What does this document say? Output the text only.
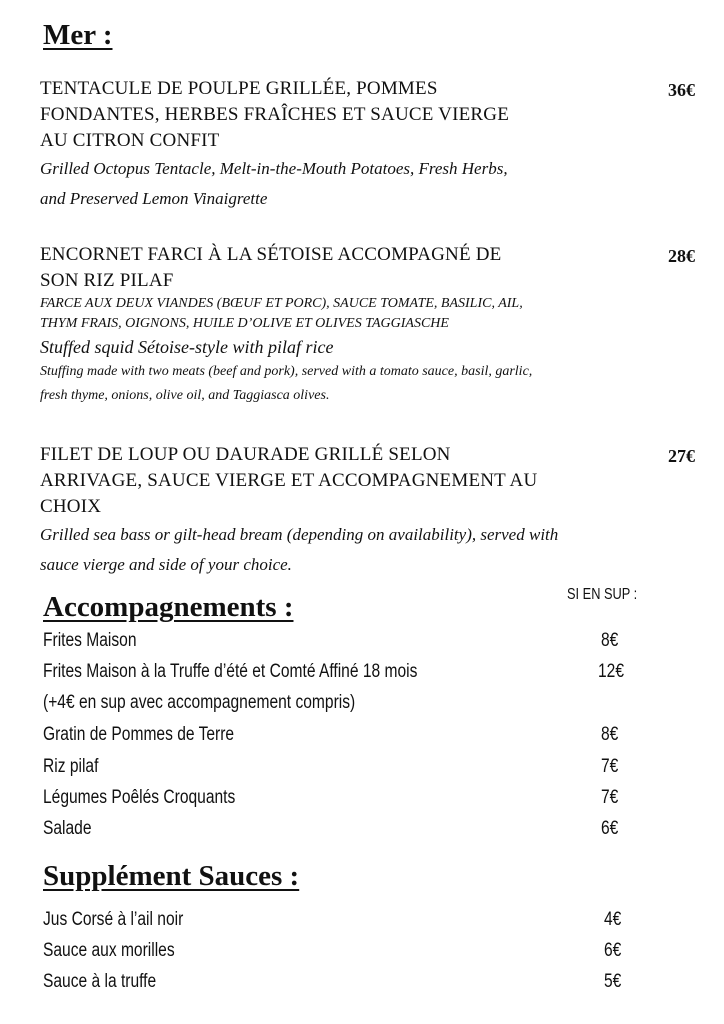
Mer :
TENTACULE DE POULPE GRILLÉE, POMMES
FONDANTES, HERBES FRAÎCHES ET SAUCE VIERGE
AU CITRON CONFIT
Grilled Octopus Tentacle, Melt-in-the-Mouth Potatoes, Fresh Herbs,
and Preserved Lemon Vinaigrette
36€
ENCORNET FARCI À LA SÉTOISE ACCOMPAGNÉ DE
SON RIZ PILAF
FARCE AUX DEUX VIANDES (BŒUF ET PORC), SAUCE TOMATE, BASILIC, AIL,
THYM FRAIS, OIGNONS, HUILE D’OLIVE ET OLIVES TAGGIASCHE
Stuffed squid Sétoise-style with pilaf rice
Stuffing made with two meats (beef and pork), served with a tomato sauce, basil, garlic,
fresh thyme, onions, olive oil, and Taggiasca olives.
28€
FILET DE LOUP OU DAURADE GRILLÉ SELON
ARRIVAGE, SAUCE VIERGE ET ACCOMPAGNEMENT AU
CHOIX
Grilled sea bass or gilt-head bream (depending on availability), served with
sauce vierge and side of your choice.
27€
Accompagnements :	SI EN SUP :
Frites Maison	8€
Frites Maison à la Truffe d’été et Comté Affiné 18 mois	12€
(+4€ en sup avec accompagnement compris)
Gratin de Pommes de Terre	8€
Riz pilaf	7€
Légumes Poêlés Croquants	7€
Salade	6€
Supplément Sauces :
Jus Corsé à l’ail noir	4€
Sauce aux morilles	6€
Sauce à la truffe	5€
